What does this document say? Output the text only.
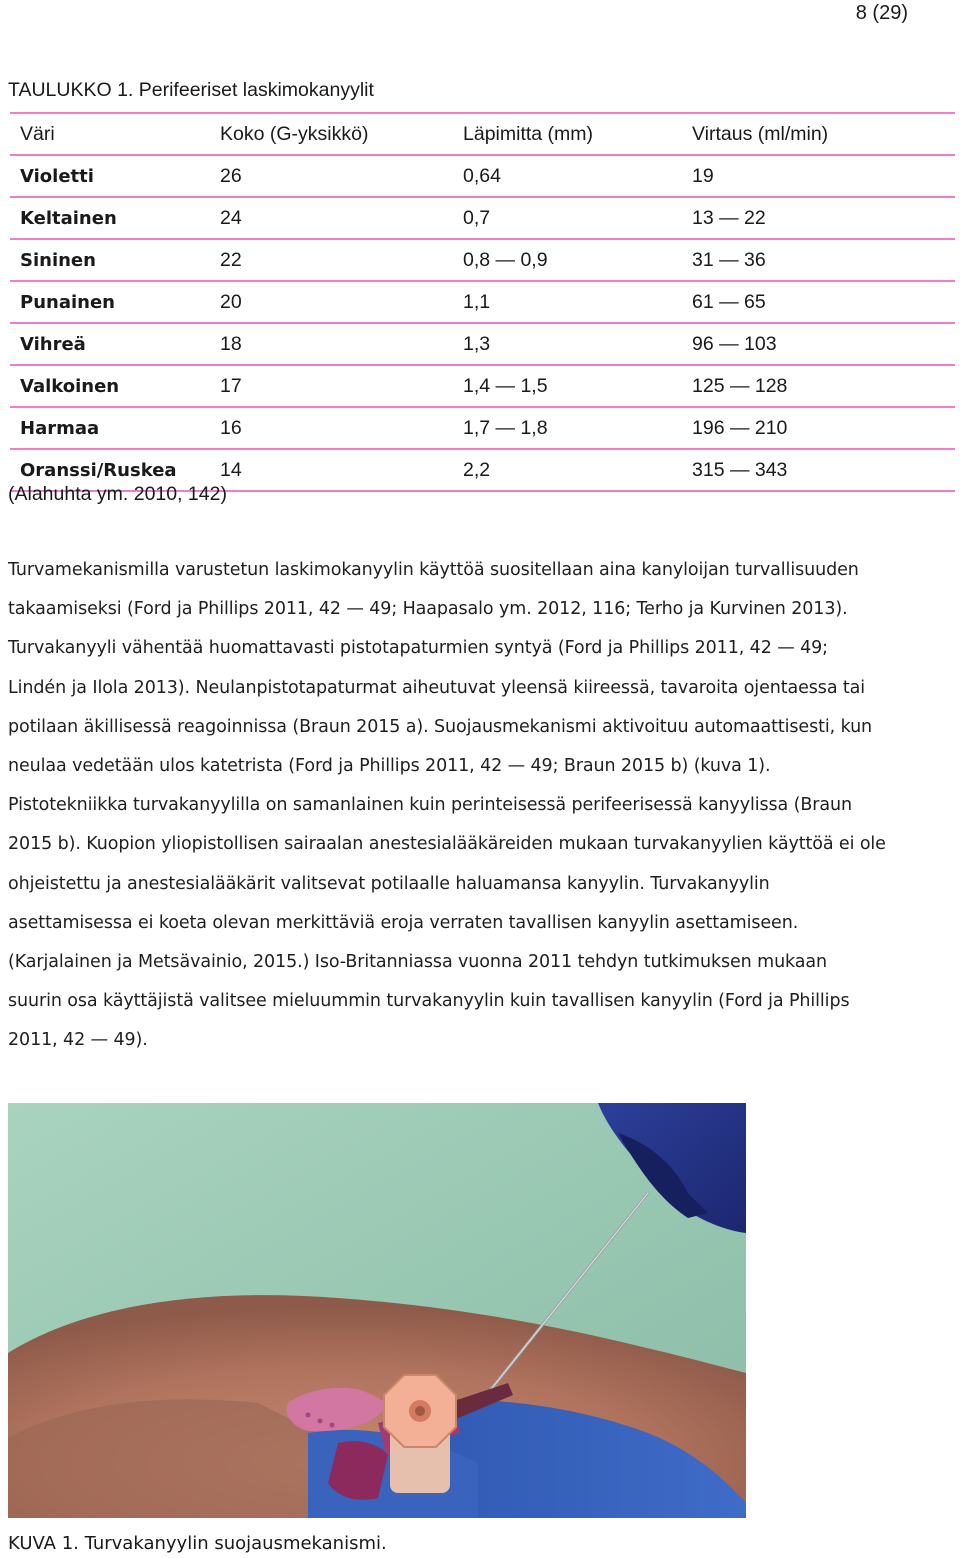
8 (29)
TAULUKKO 1. Perifeeriset laskimokanyylit
Väri	Koko (G-yksikkö)	Läpimitta (mm)	Virtaus (ml/min)
Violetti	26	0,64	19
Keltainen	24	0,7	13 — 22
Sininen	22	0,8 — 0,9	31 — 36
Punainen	20	1,1	61 — 65
Vihreä	18	1,3	96 — 103
Valkoinen	17	1,4 — 1,5	125 — 128
Harmaa	16	1,7 — 1,8	196 — 210
Oranssi/Ruskea	14	2,2	315 — 343
(Alahuhta ym. 2010, 142)
Turvamekanismilla varustetun laskimokanyylin käyttöä suositellaan aina kanyloijan turvallisuuden
takaamiseksi (Ford ja Phillips 2011, 42 — 49; Haapasalo ym. 2012, 116; Terho ja Kurvinen 2013).
Turvakanyyli vähentää huomattavasti pistotapaturmien syntyä (Ford ja Phillips 2011, 42 — 49;
Lindén ja Ilola 2013). Neulanpistotapaturmat aiheutuvat yleensä kiireessä, tavaroita ojentaessa tai
potilaan äkillisessä reagoinnissa (Braun 2015 a). Suojausmekanismi aktivoituu automaattisesti, kun
neulaa vedetään ulos katetrista (Ford ja Phillips 2011, 42 — 49; Braun 2015 b) (kuva 1).
Pistotekniikka turvakanyylilla on samanlainen kuin perinteisessä perifeerisessä kanyylissa (Braun
2015 b). Kuopion yliopistollisen sairaalan anestesialääkäreiden mukaan turvakanyylien käyttöä ei ole
ohjeistettu ja anestesialääkärit valitsevat potilaalle haluamansa kanyylin. Turvakanyylin
asettamisessa ei koeta olevan merkittäviä eroja verraten tavallisen kanyylin asettamiseen.
(Karjalainen ja Metsävainio, 2015.) Iso-Britanniassa vuonna 2011 tehdyn tutkimuksen mukaan
suurin osa käyttäjistä valitsee mieluummin turvakanyylin kuin tavallisen kanyylin (Ford ja Phillips
2011, 42 — 49).
KUVA 1. Turvakanyylin suojausmekanismi.
